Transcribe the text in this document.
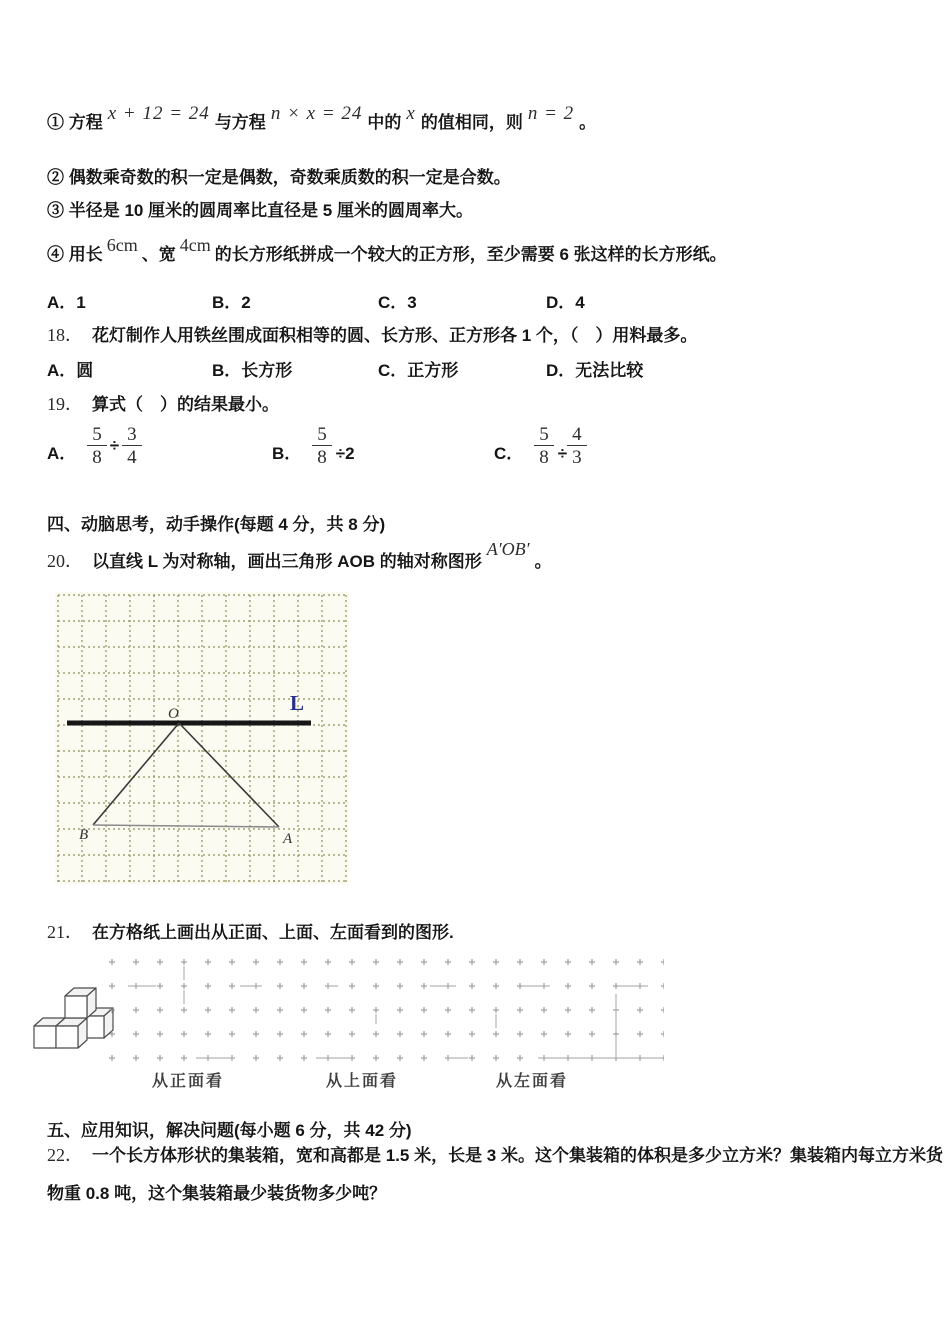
① 方程 x + 12 = 24 与方程 n × x = 24 中的 x 的值相同，则 n = 2 。
② 偶数乘奇数的积一定是偶数，奇数乘质数的积一定是合数。
③ 半径是 10 厘米的圆周率比直径是 5 厘米的圆周率大。
④ 用长 6cm 、宽 4cm 的长方形纸拼成一个较大的正方形，至少需要 6 张这样的长方形纸。
A．1	B．2	C．3	D．4
18． 花灯制作人用铁丝围成面积相等的圆、长方形、正方形各 1 个，（　）用料最多。
A．圆	B．长方形	C．正方形	D．无法比较
19． 算式（　）的结果最小。
A． $\frac{5}{8} \div \frac{3}{4}$	B． $\frac{5}{8} \div 2$	C． $\frac{5}{8} \div \frac{4}{3}$
四、动脑思考，动手操作(每题 4 分，共 8 分)
20． 以直线 L 为对称轴，画出三角形 AOB 的轴对称图形A′OB′。
L
O
B	A
21． 在方格纸上画出从正面、上面、左面看到的图形.
从正面看	从上面看	从左面看
五、应用知识，解决问题(每小题 6 分，共 42 分)
22． 一个长方体形状的集装箱，宽和高都是 1.5 米，长是 3 米。这个集装箱的体积是多少立方米？集装箱内每立方米货
物重 0.8 吨，这个集装箱最少装货物多少吨？
